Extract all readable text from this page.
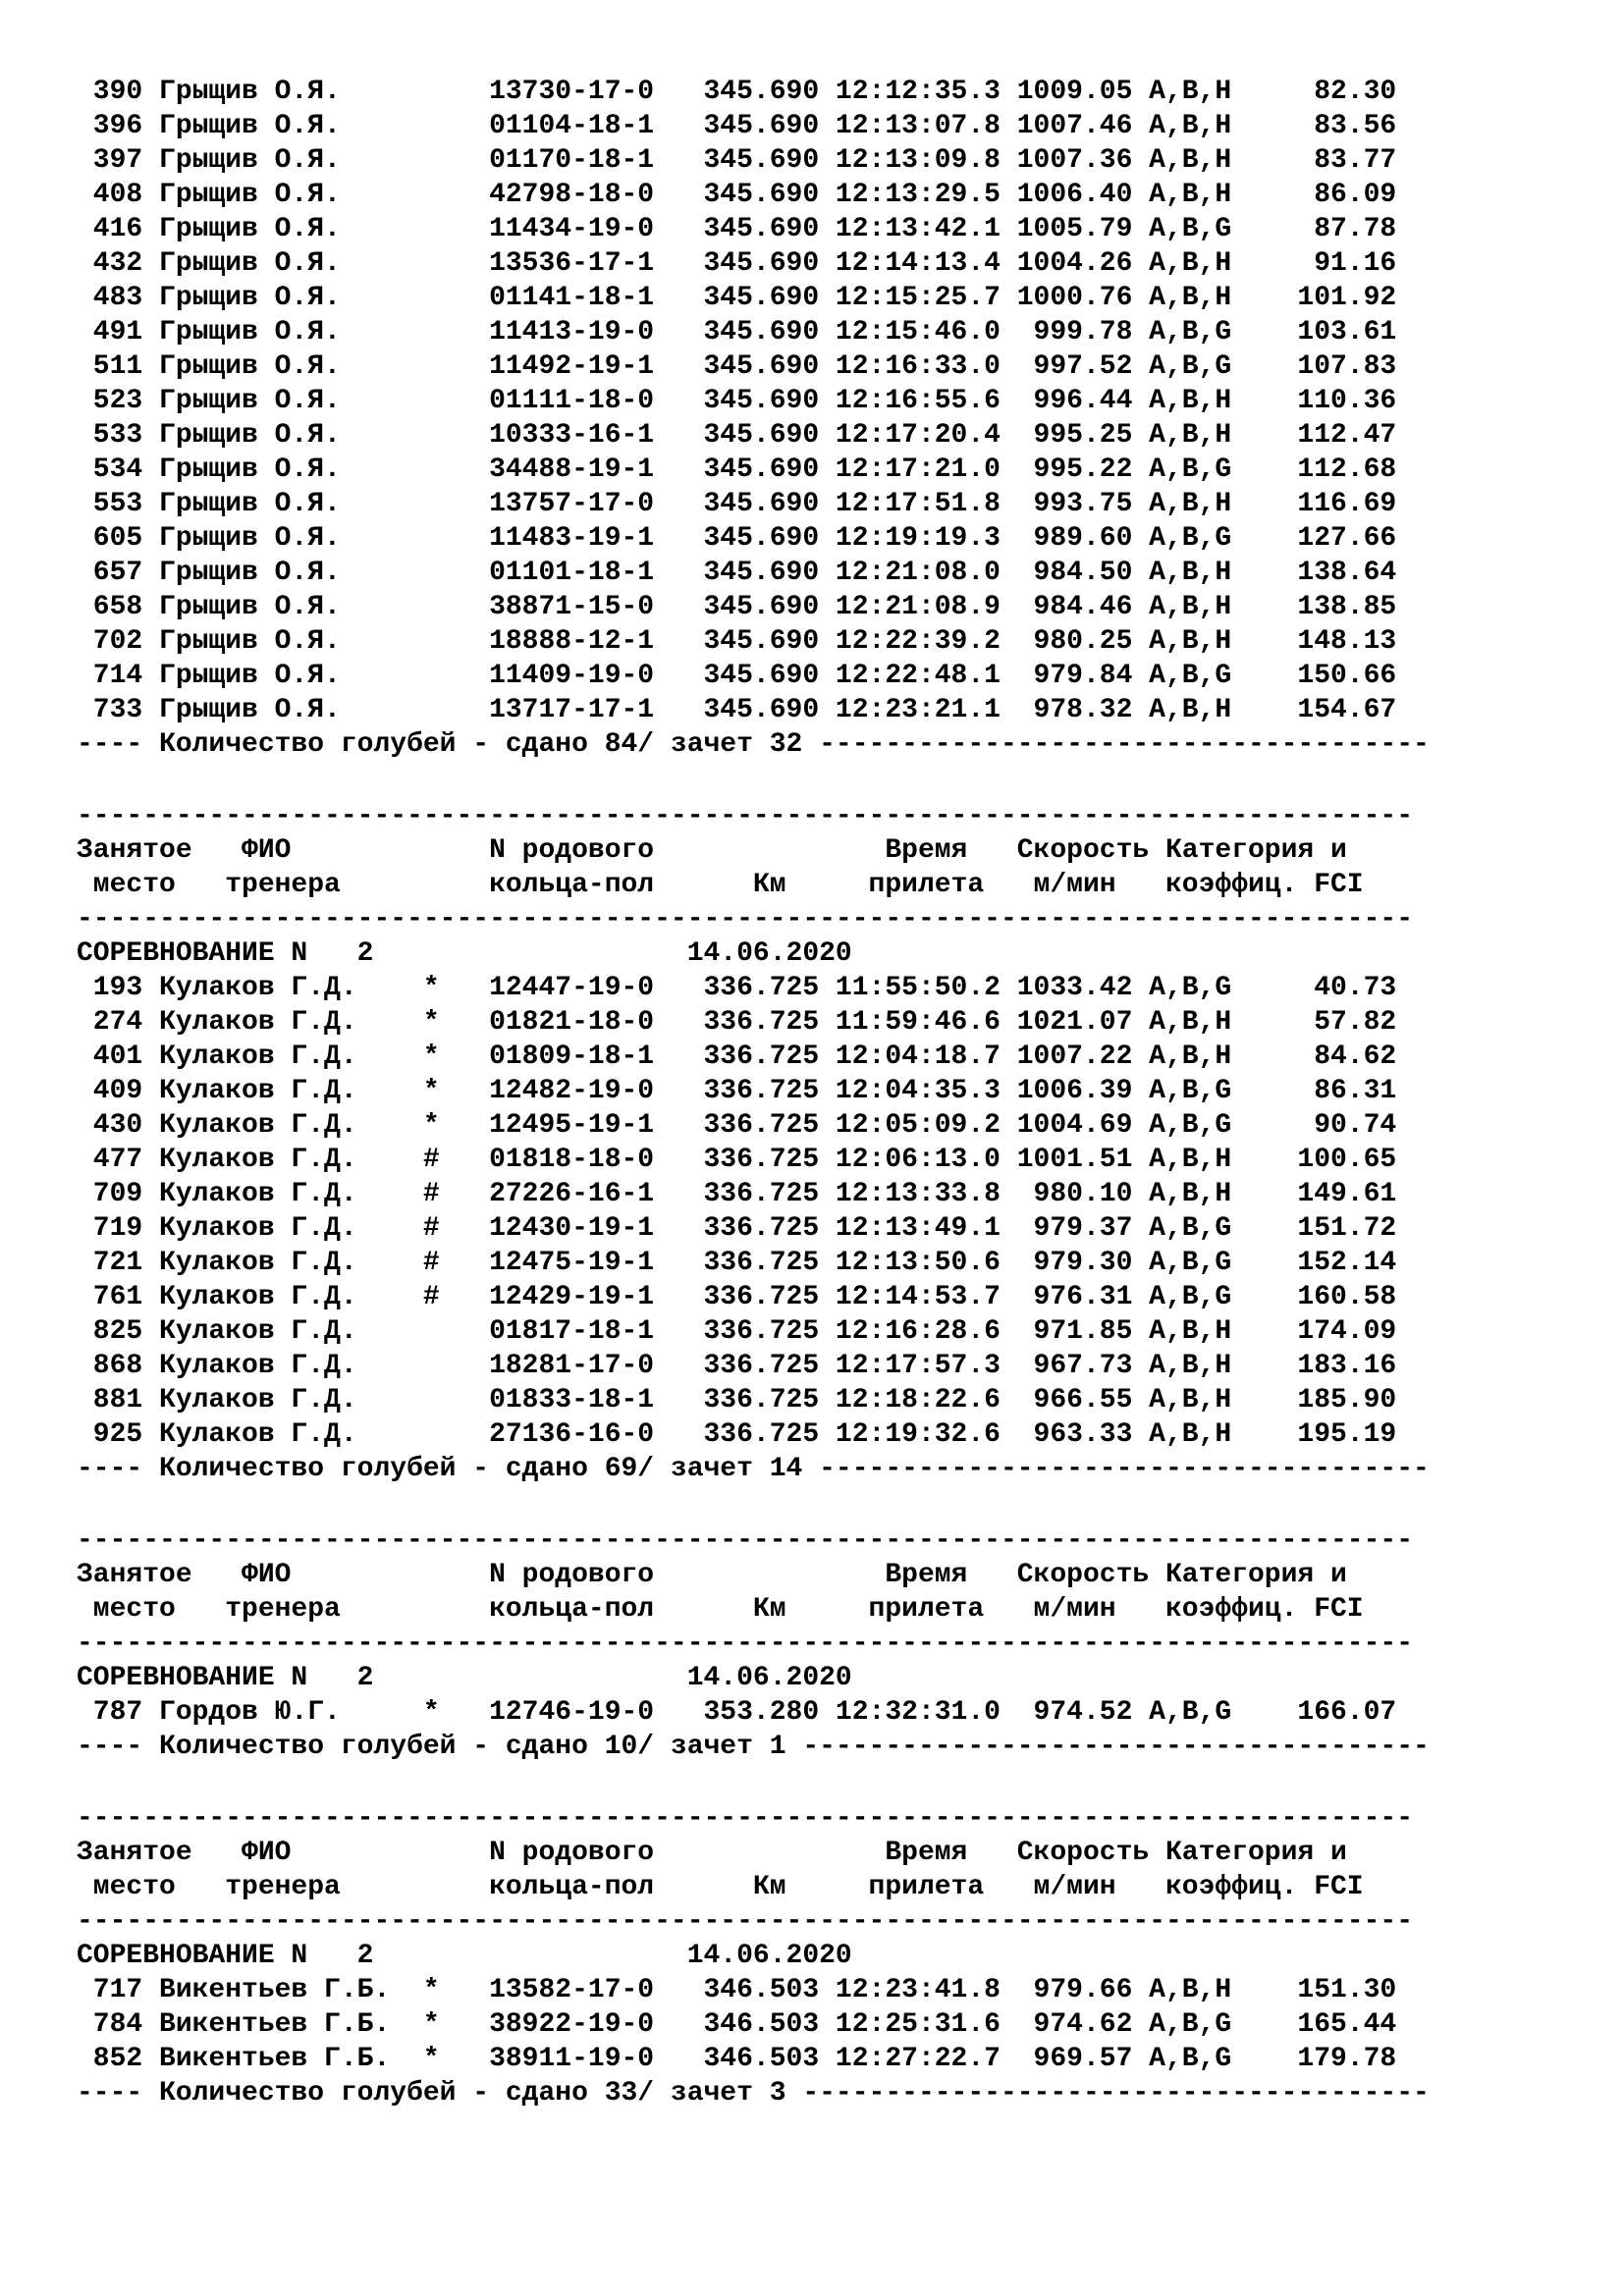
390 Грыщив О.Я.         13730-17-0   345.690 12:12:35.3 1009.05 A,B,H     82.30
396 Грыщив О.Я.         01104-18-1   345.690 12:13:07.8 1007.46 A,B,H     83.56
397 Грыщив О.Я.         01170-18-1   345.690 12:13:09.8 1007.36 A,B,H     83.77
408 Грыщив О.Я.         42798-18-0   345.690 12:13:29.5 1006.40 A,B,H     86.09
416 Грыщив О.Я.         11434-19-0   345.690 12:13:42.1 1005.79 A,B,G     87.78
432 Грыщив О.Я.         13536-17-1   345.690 12:14:13.4 1004.26 A,B,H     91.16
483 Грыщив О.Я.         01141-18-1   345.690 12:15:25.7 1000.76 A,B,H    101.92
491 Грыщив О.Я.         11413-19-0   345.690 12:15:46.0  999.78 A,B,G    103.61
511 Грыщив О.Я.         11492-19-1   345.690 12:16:33.0  997.52 A,B,G    107.83
523 Грыщив О.Я.         01111-18-0   345.690 12:16:55.6  996.44 A,B,H    110.36
533 Грыщив О.Я.         10333-16-1   345.690 12:17:20.4  995.25 A,B,H    112.47
534 Грыщив О.Я.         34488-19-1   345.690 12:17:21.0  995.22 A,B,G    112.68
553 Грыщив О.Я.         13757-17-0   345.690 12:17:51.8  993.75 A,B,H    116.69
605 Грыщив О.Я.         11483-19-1   345.690 12:19:19.3  989.60 A,B,G    127.66
657 Грыщив О.Я.         01101-18-1   345.690 12:21:08.0  984.50 A,B,H    138.64
658 Грыщив О.Я.         38871-15-0   345.690 12:21:08.9  984.46 A,B,H    138.85
702 Грыщив О.Я.         18888-12-1   345.690 12:22:39.2  980.25 A,B,H    148.13
714 Грыщив О.Я.         11409-19-0   345.690 12:22:48.1  979.84 A,B,G    150.66
733 Грыщив О.Я.         13717-17-1   345.690 12:23:21.1  978.32 A,B,H    154.67
---- Количество голубей - сдано 84/ зачет 32 -------------------------------------
---------------------------------------------------------------------------------
Занятое   ФИО            N родового              Время   Скорость Категория и
место   тренера         кольца-пол      Км     прилета   м/мин   коэффиц. FCI
---------------------------------------------------------------------------------
СОРЕВНОВАНИЕ N   2                   14.06.2020
193 Кулаков Г.Д.    *   12447-19-0   336.725 11:55:50.2 1033.42 A,B,G     40.73
274 Кулаков Г.Д.    *   01821-18-0   336.725 11:59:46.6 1021.07 A,B,H     57.82
401 Кулаков Г.Д.    *   01809-18-1   336.725 12:04:18.7 1007.22 A,B,H     84.62
409 Кулаков Г.Д.    *   12482-19-0   336.725 12:04:35.3 1006.39 A,B,G     86.31
430 Кулаков Г.Д.    *   12495-19-1   336.725 12:05:09.2 1004.69 A,B,G     90.74
477 Кулаков Г.Д.    #   01818-18-0   336.725 12:06:13.0 1001.51 A,B,H    100.65
709 Кулаков Г.Д.    #   27226-16-1   336.725 12:13:33.8  980.10 A,B,H    149.61
719 Кулаков Г.Д.    #   12430-19-1   336.725 12:13:49.1  979.37 A,B,G    151.72
721 Кулаков Г.Д.    #   12475-19-1   336.725 12:13:50.6  979.30 A,B,G    152.14
761 Кулаков Г.Д.    #   12429-19-1   336.725 12:14:53.7  976.31 A,B,G    160.58
825 Кулаков Г.Д.        01817-18-1   336.725 12:16:28.6  971.85 A,B,H    174.09
868 Кулаков Г.Д.        18281-17-0   336.725 12:17:57.3  967.73 A,B,H    183.16
881 Кулаков Г.Д.        01833-18-1   336.725 12:18:22.6  966.55 A,B,H    185.90
925 Кулаков Г.Д.        27136-16-0   336.725 12:19:32.6  963.33 A,B,H    195.19
---- Количество голубей - сдано 69/ зачет 14 -------------------------------------
---------------------------------------------------------------------------------
Занятое   ФИО            N родового              Время   Скорость Категория и
место   тренера         кольца-пол      Км     прилета   м/мин   коэффиц. FCI
---------------------------------------------------------------------------------
СОРЕВНОВАНИЕ N   2                   14.06.2020
787 Гордов Ю.Г.     *   12746-19-0   353.280 12:32:31.0  974.52 A,B,G    166.07
---- Количество голубей - сдано 10/ зачет 1 --------------------------------------
---------------------------------------------------------------------------------
Занятое   ФИО            N родового              Время   Скорость Категория и
место   тренера         кольца-пол      Км     прилета   м/мин   коэффиц. FCI
---------------------------------------------------------------------------------
СОРЕВНОВАНИЕ N   2                   14.06.2020
717 Викентьев Г.Б.  *   13582-17-0   346.503 12:23:41.8  979.66 A,B,H    151.30
784 Викентьев Г.Б.  *   38922-19-0   346.503 12:25:31.6  974.62 A,B,G    165.44
852 Викентьев Г.Б.  *   38911-19-0   346.503 12:27:22.7  969.57 A,B,G    179.78
---- Количество голубей - сдано 33/ зачет 3 --------------------------------------
